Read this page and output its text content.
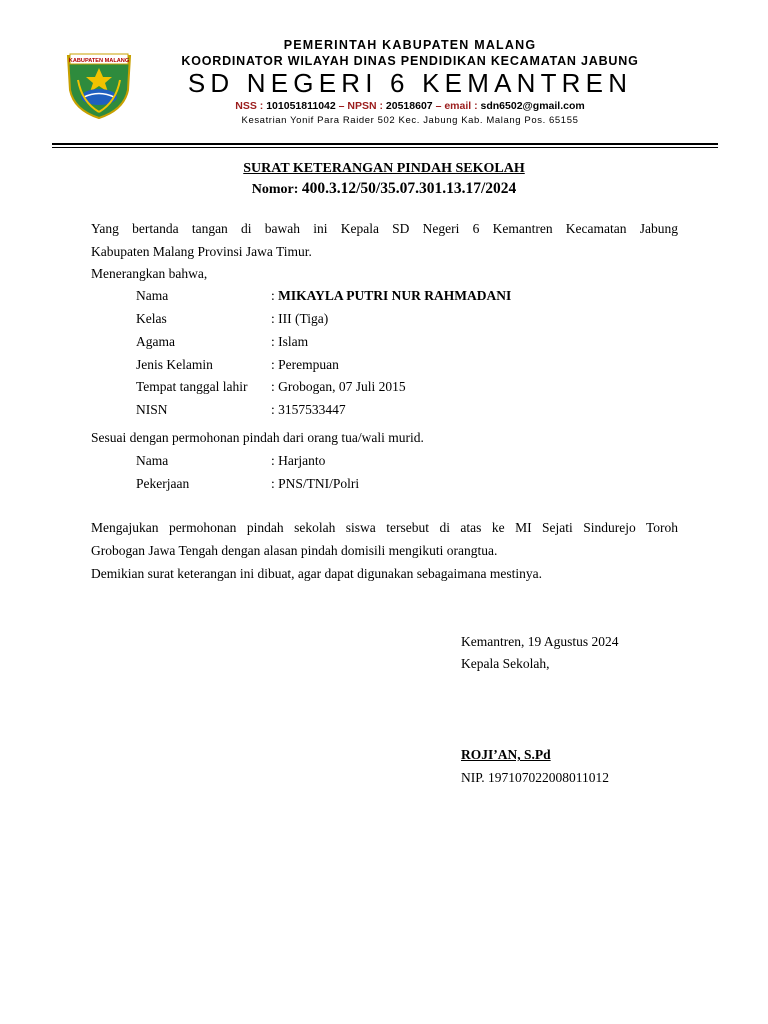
KABUPATEN MALANG
PEMERINTAH KABUPATEN MALANG
KOORDINATOR WILAYAH DINAS PENDIDIKAN KECAMATAN JABUNG
SD NEGERI 6 KEMANTREN
NSS : 101051811042 – NPSN : 20518607 – email : sdn6502@gmail.com
Kesatrian Yonif Para Raider 502 Kec. Jabung Kab. Malang Pos. 65155
SURAT KETERANGAN PINDAH SEKOLAH
Nomor: 400.3.12/50/35.07.301.13.17/2024
Yang bertanda tangan di bawah ini Kepala SD Negeri 6 Kemantren Kecamatan Jabung
Kabupaten Malang Provinsi Jawa Timur.
Menerangkan bahwa,
Nama	: MIKAYLA PUTRI NUR RAHMADANI
Kelas	: III (Tiga)
Agama	: Islam
Jenis Kelamin	: Perempuan
Tempat tanggal lahir : Grobogan, 07 Juli 2015
NISN	: 3157533447
Sesuai dengan permohonan pindah dari orang tua/wali murid.
Nama	: Harjanto
Pekerjaan	: PNS/TNI/Polri
Mengajukan permohonan pindah sekolah siswa tersebut di atas ke MI Sejati Sindurejo Toroh
Grobogan Jawa Tengah dengan alasan pindah domisili mengikuti orangtua.
Demikian surat keterangan ini dibuat, agar dapat digunakan sebagaimana mestinya.
Kemantren, 19 Agustus 2024
Kepala Sekolah,
ROJI’AN, S.Pd
NIP. 197107022008011012
